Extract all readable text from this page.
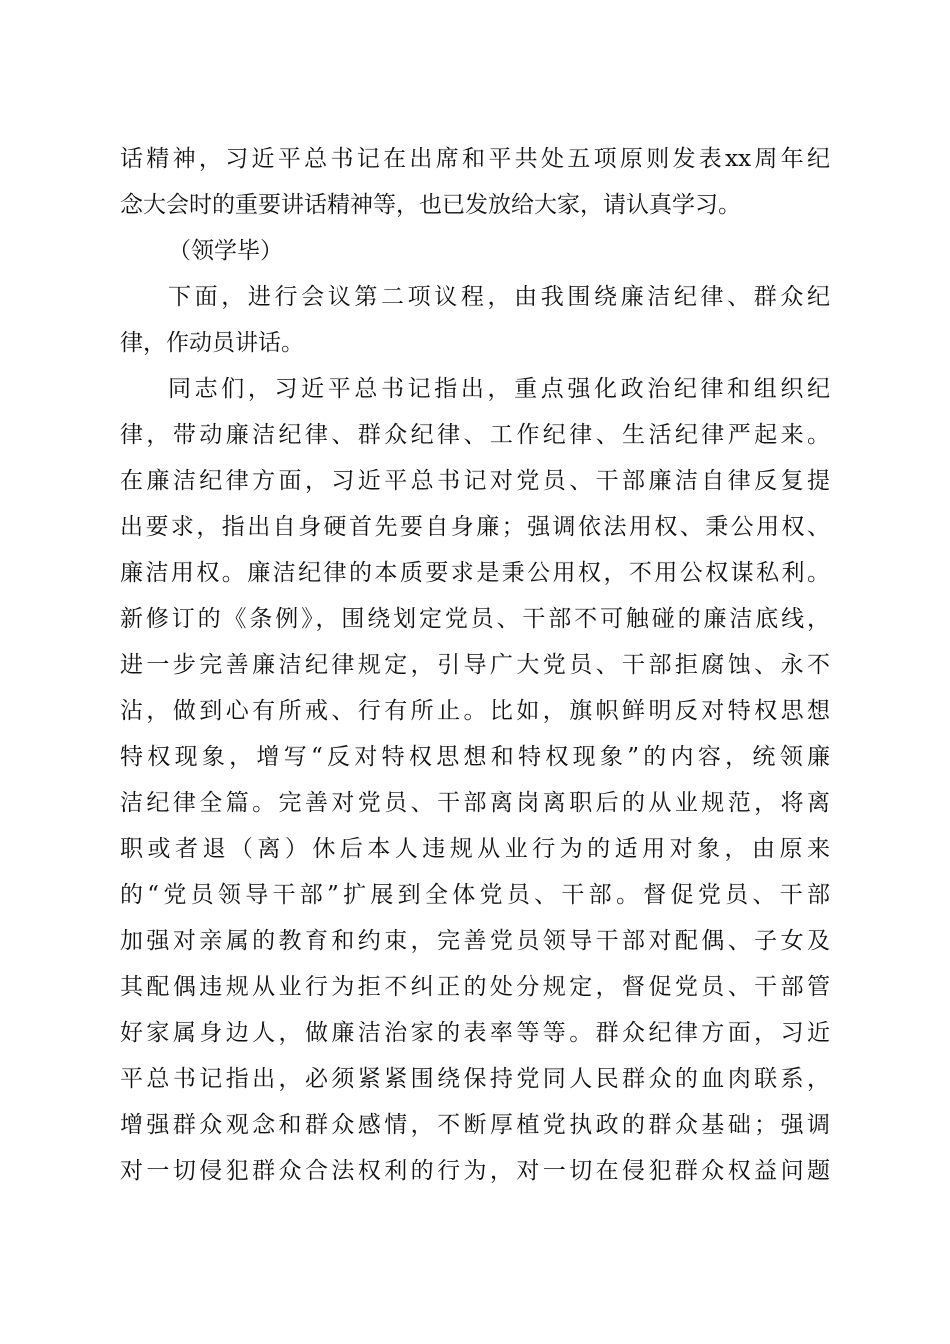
话精神，习近平总书记在出席和平共处五项原则发表xx周年纪
念大会时的重要讲话精神等，也已发放给大家，请认真学习。
（领学毕）
下面，进行会议第二项议程，由我围绕廉洁纪律、群众纪
律，作动员讲话。
同志们，习近平总书记指出，重点强化政治纪律和组织纪
律，带动廉洁纪律、群众纪律、工作纪律、生活纪律严起来。
在廉洁纪律方面，习近平总书记对党员、干部廉洁自律反复提
出要求，指出自身硬首先要自身廉；强调依法用权、秉公用权、
廉洁用权。廉洁纪律的本质要求是秉公用权，不用公权谋私利。
新修订的《条例》，围绕划定党员、干部不可触碰的廉洁底线，
进一步完善廉洁纪律规定，引导广大党员、干部拒腐蚀、永不
沾，做到心有所戒、行有所止。比如，旗帜鲜明反对特权思想
特权现象，增写“反对特权思想和特权现象”的内容，统领廉
洁纪律全篇。完善对党员、干部离岗离职后的从业规范，将离
职或者退（离）休后本人违规从业行为的适用对象，由原来
的“党员领导干部”扩展到全体党员、干部。督促党员、干部
加强对亲属的教育和约束，完善党员领导干部对配偶、子女及
其配偶违规从业行为拒不纠正的处分规定，督促党员、干部管
好家属身边人，做廉洁治家的表率等等。群众纪律方面，习近
平总书记指出，必须紧紧围绕保持党同人民群众的血肉联系，
增强群众观念和群众感情，不断厚植党执政的群众基础；强调
对一切侵犯群众合法权利的行为，对一切在侵犯群众权益问题
